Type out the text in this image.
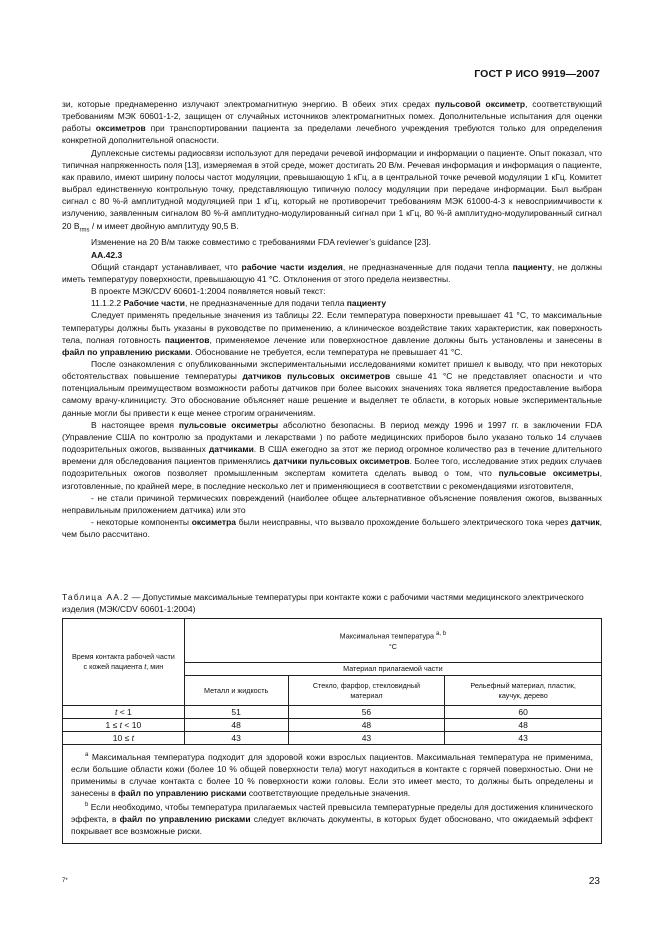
ГОСТ Р ИСО 9919—2007

зи, которые преднамеренно излучают электромагнитную энергию. В обеих этих средах пульсовой оксиметр, соответствующий требованиям МЭК 60601-1-2, защищен от случайных источников электромагнитных помех. Дополнительные испытания для оценки работы оксиметров при транспортировании пациента за пределами лечебного учреждения требуются только для определения конкретной дополнительной опасности.

Дуплексные системы радиосвязи используют для передачи речевой информации и информации о пациенте. Опыт показал, что типичная напряженность поля [13], измеряемая в этой среде, может достигать 20 В/м. Речевая информация и информация о пациенте, как правило, имеют ширину полосы частот модуляции, превышающую 1 кГц, а в центральной точке речевой модуляции 1 кГц. Комитет выбрал единственную контрольную точку, представляющую типичную полосу модуляции при передаче информации. Был выбран сигнал с 80 %-й амплитудной модуляцией при 1 кГц, который не противоречит требованиям МЭК 61000-4-3 к невосприимчивости к излучению, заявленным сигналом 80 %-й амплитудно-модулированный сигнал при 1 кГц, 80 %-й амплитудно-модулированный сигнал 20 $В_{rms}$ / м имеет двойную амплитуду 90,5 В.

Изменение на 20 В/м также совместимо с требованиями FDA reviewer’s guidance [23].

АА.42.3

Общий стандарт устанавливает, что рабочие части изделия, не предназначенные для подачи тепла пациенту, не должны иметь температуру поверхности, превышающую 41 °С. Отклонения от этого предела неизвестны.

В проекте МЭК/CDV 60601-1:2004 появляется новый текст:

11.1.2.2 Рабочие части, не предназначенные для подачи тепла пациенту

Следует применять предельные значения из таблицы 22. Если температура поверхности превышает 41 °С, то максимальные температуры должны быть указаны в руководстве по применению, а клиническое воздействие таких характеристик, как поверхность тела, полная готовность пациентов, применяемое лечение или поверхностное давление должны быть установлены и занесены в файл по управлению рисками. Обоснование не требуется, если температура не превышает 41 °С.

После ознакомления с опубликованными экспериментальными исследованиями комитет пришел к выводу, что при некоторых обстоятельствах повышение температуры датчиков пульсовых оксиметров свыше 41 °С не представляет опасности и что потенциальным преимуществом возможности работы датчиков при более высоких значениях тока является предоставление выбора самому врачу-клиницисту. Это обоснование объясняет наше решение и выделяет те области, в которых новые экспериментальные данные могли бы привести к еще менее строгим ограничениям.

В настоящее время пульсовые оксиметры абсолютно безопасны. В период между 1996 и 1997 гг. в заключении FDA (Управление США по контролю за продуктами и лекарствами ) по работе медицинских приборов было указано только 14 случаев подозрительных ожогов, вызванных датчиками. В США ежегодно за этот же период огромное количество раз в течение длительного времени для обследования пациентов применялись датчики пульсовых оксиметров. Более того, исследование этих редких случаев подозрительных ожогов позволяет промышленным экспертам комитета сделать вывод о том, что пульсовые оксиметры, изготовленные, по крайней мере, в последние несколько лет и применяющиеся в соответствии с рекомендациями изготовителя,

- не стали причиной термических повреждений (наиболее общее альтернативное объяснение появления ожогов, вызванных неправильным приложением датчика) или это

- некоторые компоненты оксиметра были неисправны, что вызвало прохождение большего электрического тока через датчик, чем было рассчитано.

Таблица АА.2 — Допустимые максимальные температуры при контакте кожи с рабочими частями медицинского электрического изделия (МЭК/CDV 60601-1:2004)
Время контакта рабочей части с кожей пациента t, мин	Максимальная температура $^{a, b}$
°С		
	Материал прилагаемой части		
	Металл и жидкость	Стекло, фарфор, стекловидный материал	Рельефный материал, пластик, каучук, дерево
t < 1	51	56	60
1 ≤ t < 10	48	48	48
10 ≤ t	43	43	43

$^a$ Максимальная температура подходит для здоровой кожи взрослых пациентов. Максимальная температура не применима, если большие области кожи (более 10 % общей поверхности тела) могут находиться в контакте с горячей поверхностью. Они не применимы в случае контакта с более 10 % поверхности кожи головы. Если это имеет место, то должны быть определены и занесены в файл по управлению рисками соответствующие предельные значения.

$^b$ Если необходимо, чтобы температура прилагаемых частей превысила температурные пределы для достижения клинического эффекта, в файл по управлению рисками следует включать документы, в которых будет обосновано, что ожидаемый эффект покрывает все возможные риски.			

7*	23
